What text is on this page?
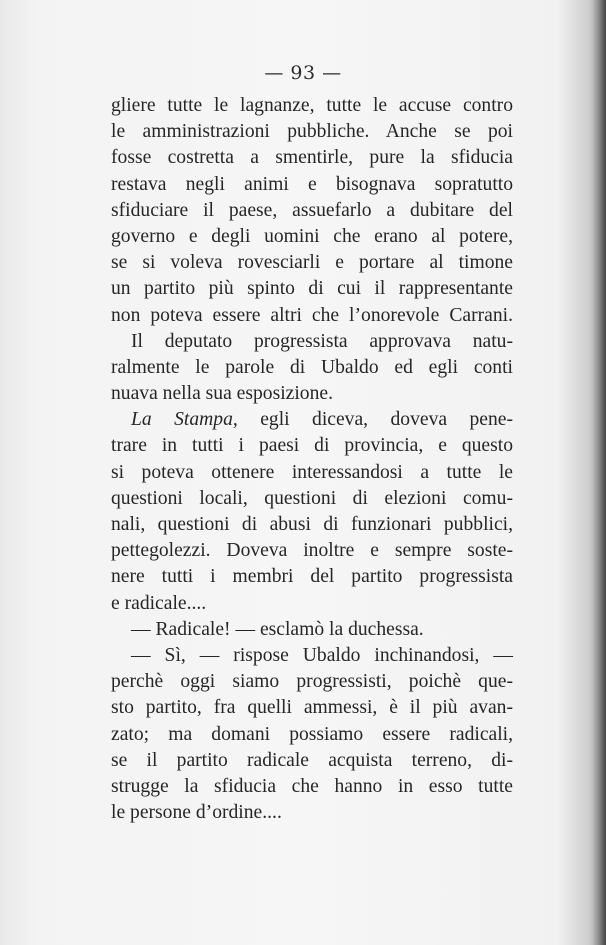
— 93 —
gliere tutte le lagnanze, tutte le accuse contro
le amministrazioni pubbliche. Anche se poi
fosse costretta a smentirle, pure la sfiducia
restava negli animi e bisognava sopratutto
sfiduciare il paese, assuefarlo a dubitare del
governo e degli uomini che erano al potere,
se si voleva rovesciarli e portare al timone
un partito più spinto di cui il rappresentante
non poteva essere altri che l’onorevole Carrani.
Il deputato progressista approvava natu-
ralmente le parole di Ubaldo ed egli conti
nuava nella sua esposizione.
La Stampa, egli diceva, doveva pene-
trare in tutti i paesi di provincia, e questo
si poteva ottenere interessandosi a tutte le
questioni locali, questioni di elezioni comu-
nali, questioni di abusi di funzionari pubblici,
pettegolezzi. Doveva inoltre e sempre soste-
nere tutti i membri del partito progressista
e radicale....
— Radicale! — esclamò la duchessa.
— Sì, — rispose Ubaldo inchinandosi, —
perchè oggi siamo progressisti, poichè que-
sto partito, fra quelli ammessi, è il più avan-
zato; ma domani possiamo essere radicali,
se il partito radicale acquista terreno, di-
strugge la sfiducia che hanno in esso tutte
le persone d’ordine....
